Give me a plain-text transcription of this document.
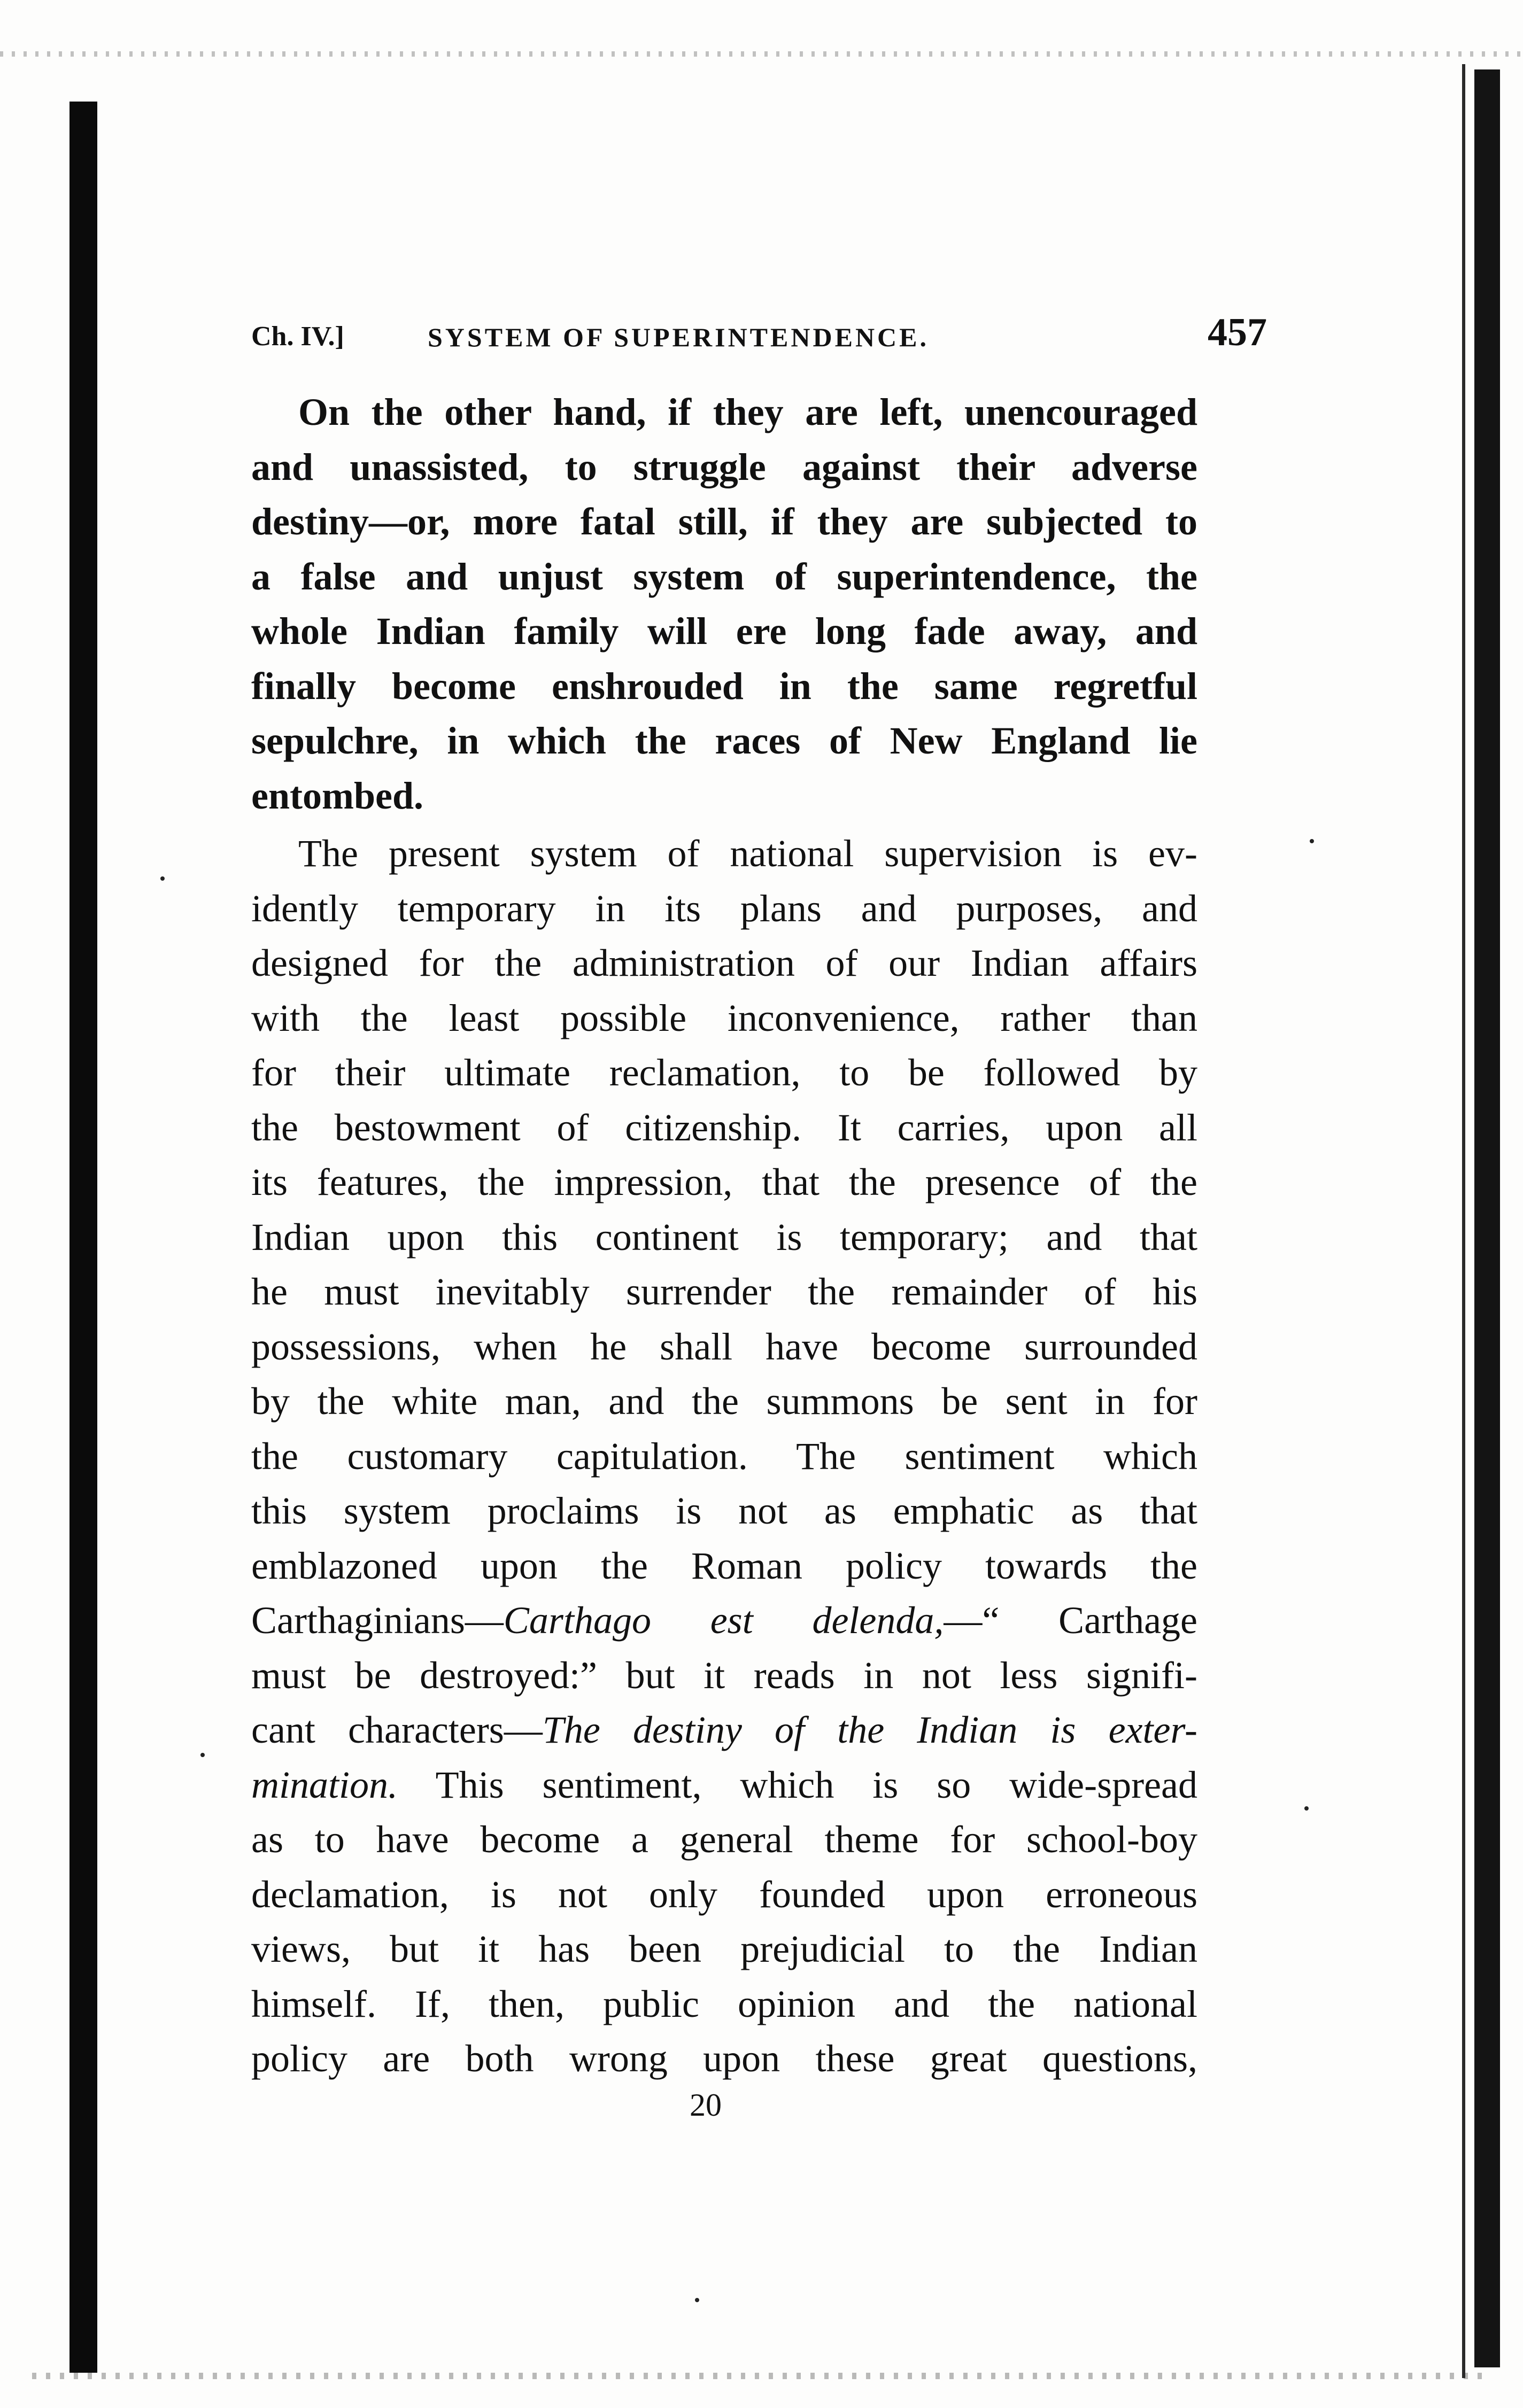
Ch. IV.]	SYSTEM OF SUPERINTENDENCE.	457
On the other hand, if they are left, unencouraged
and unassisted, to struggle against their adverse
destiny—or, more fatal still, if they are subjected to
a false and unjust system of superintendence, the
whole Indian family will ere long fade away, and
finally become enshrouded in the same regretful
sepulchre, in which the races of New England lie
entombed.
The present system of national supervision is ev-
idently temporary in its plans and purposes, and
designed for the administration of our Indian affairs
with the least possible inconvenience, rather than
for their ultimate reclamation, to be followed by
the bestowment of citizenship. It carries, upon all
its features, the impression, that the presence of the
Indian upon this continent is temporary; and that
he must inevitably surrender the remainder of his
possessions, when he shall have become surrounded
by the white man, and the summons be sent in for
the customary capitulation. The sentiment which
this system proclaims is not as emphatic as that
emblazoned upon the Roman policy towards the
Carthaginians—Carthago est delenda,—“ Carthage
must be destroyed:” but it reads in not less signifi-
cant characters—The destiny of the Indian is exter-
mination. This sentiment, which is so wide-spread
as to have become a general theme for school-boy
declamation, is not only founded upon erroneous
views, but it has been prejudicial to the Indian
himself. If, then, public opinion and the national
policy are both wrong upon these great questions,
20
